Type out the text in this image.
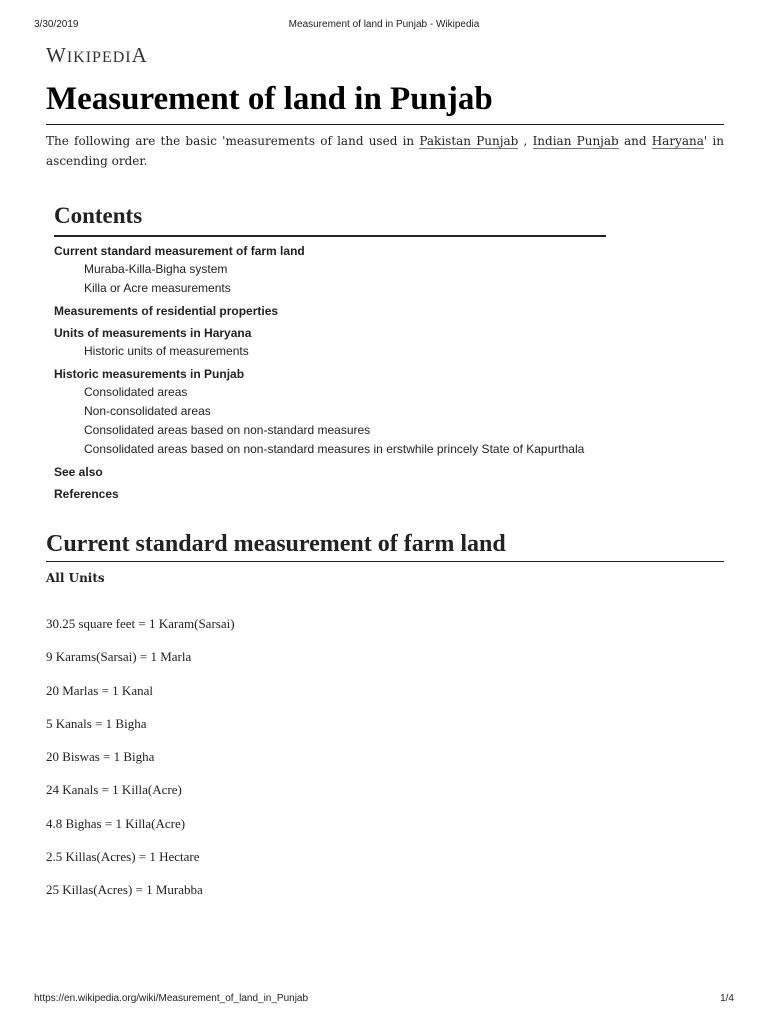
3/30/2019	Measurement of land in Punjab - Wikipedia
WIKIPEDIA
Measurement of land in Punjab

The following are the basic 'measurements of land used in Pakistan Punjab , Indian Punjab and Haryana' in ascending order.

Contents
Current standard measurement of farm land
Muraba-Killa-Bigha system
Killa or Acre measurements
Measurements of residential properties
Units of measurements in Haryana
Historic units of measurements
Historic measurements in Punjab
Consolidated areas
Non-consolidated areas
Consolidated areas based on non-standard measures
Consolidated areas based on non-standard measures in erstwhile princely State of Kapurthala
See also
References
Current standard measurement of farm land

All Units

30.25 square feet = 1 Karam(Sarsai)
9 Karams(Sarsai) = 1 Marla
20 Marlas = 1 Kanal
5 Kanals = 1 Bigha
20 Biswas = 1 Bigha
24 Kanals = 1 Killa(Acre)
4.8 Bighas = 1 Killa(Acre)
2.5 Killas(Acres) = 1 Hectare
25 Killas(Acres) = 1 Murabba
https://en.wikipedia.org/wiki/Measurement_of_land_in_Punjab	1/4
